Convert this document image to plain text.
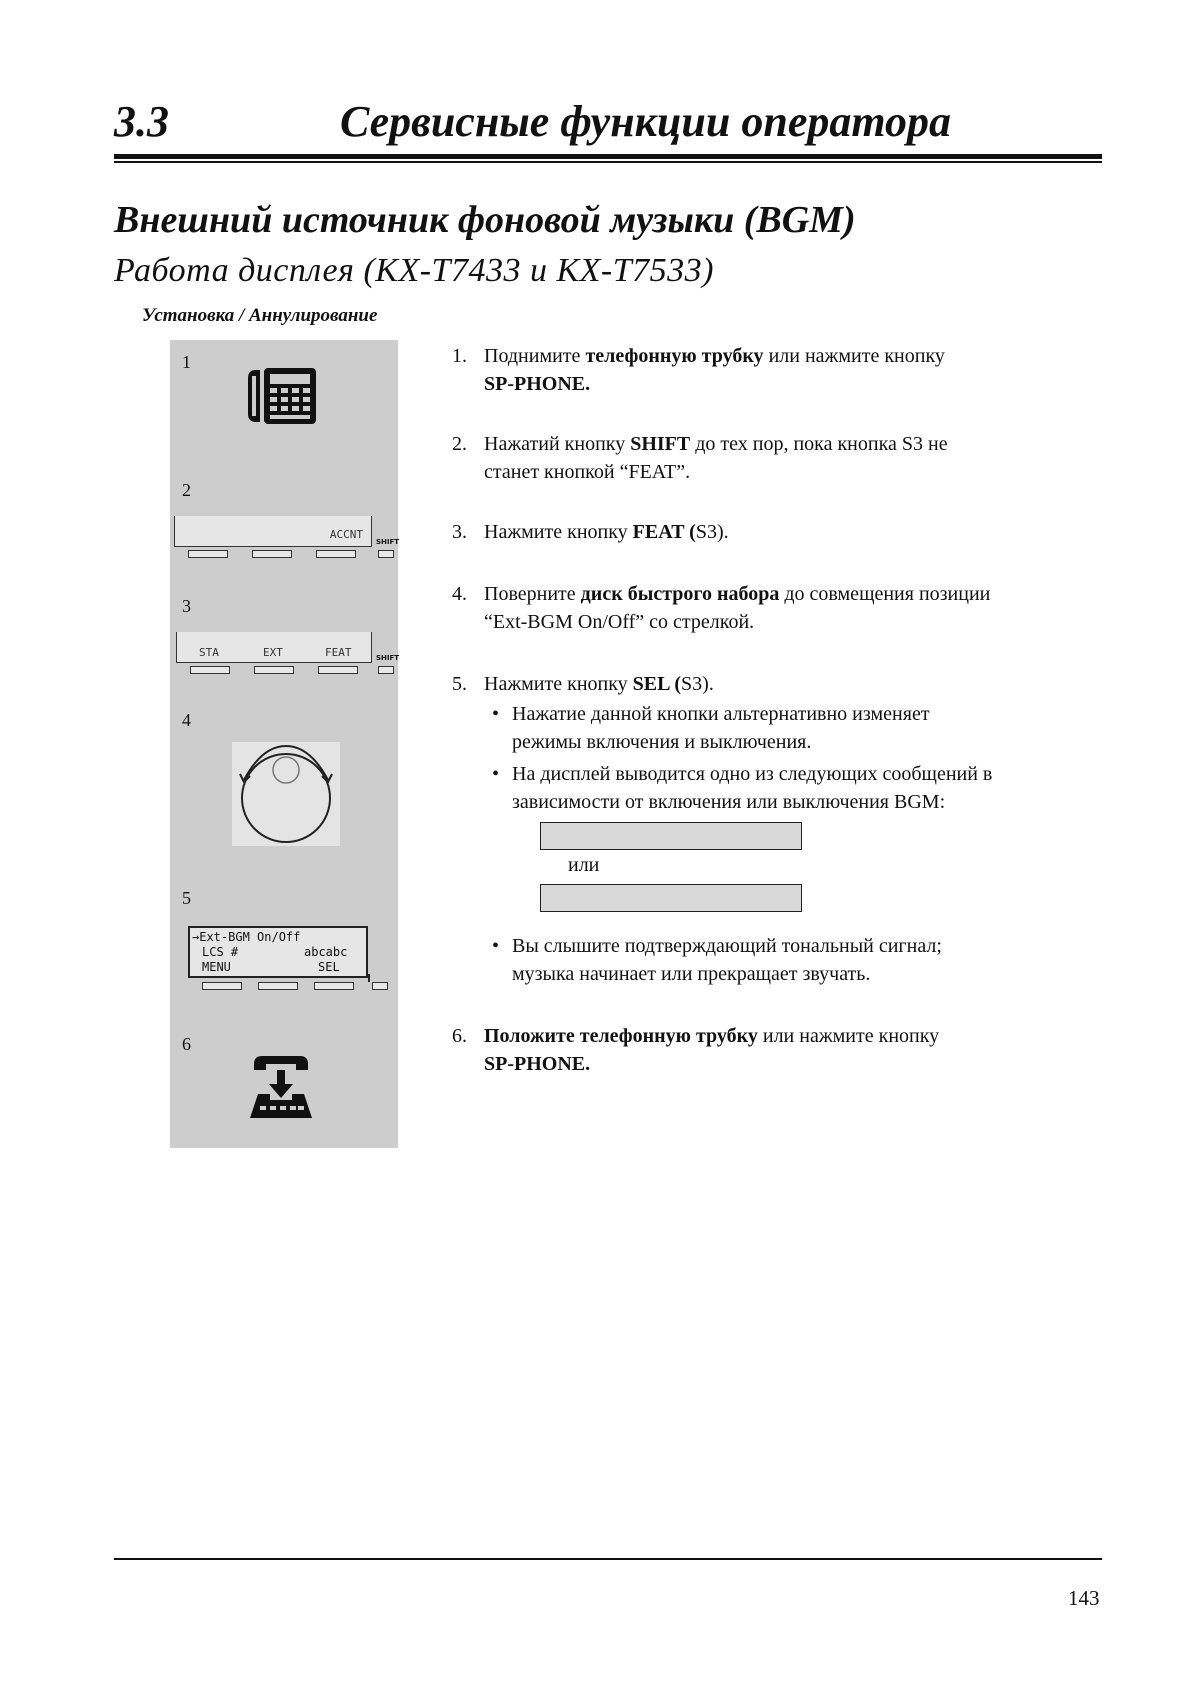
3.3	Сервисные функции оператора
Внешний источник фоновой музыки (BGM)
Работа дисплея (KX-T7433 и KX-T7533)
Установка / Аннулирование
1
2
ACCNT
SHIFT
3
STA	EXT	FEAT	SHIFT
4
5
→Ext-BGM On/Off
LCS #	abcabc
MENU	SEL
6
1. Поднимите телефонную трубку или нажмите кнопку
SP-PHONE.
2. Нажатий кнопку SHIFT до тех пор, пока кнопка S3 не
станет кнопкой “FEAT”.
3. Нажмите кнопку FEAT (S3).
4. Поверните диск быстрого набора до совмещения позиции
“Ext-BGM On/Off” со стрелкой.
5. Нажмите кнопку SEL (S3).
• Нажатие данной кнопки альтернативно изменяет
режимы включения и выключения.
• На дисплей выводится одно из следующих сообщений в
зависимости от включения или выключения BGM:
или
• Вы слышите подтверждающий тональный сигнал;
музыка начинает или прекращает звучать.
6. Положите телефонную трубку или нажмите кнопку
SP-PHONE.
143
